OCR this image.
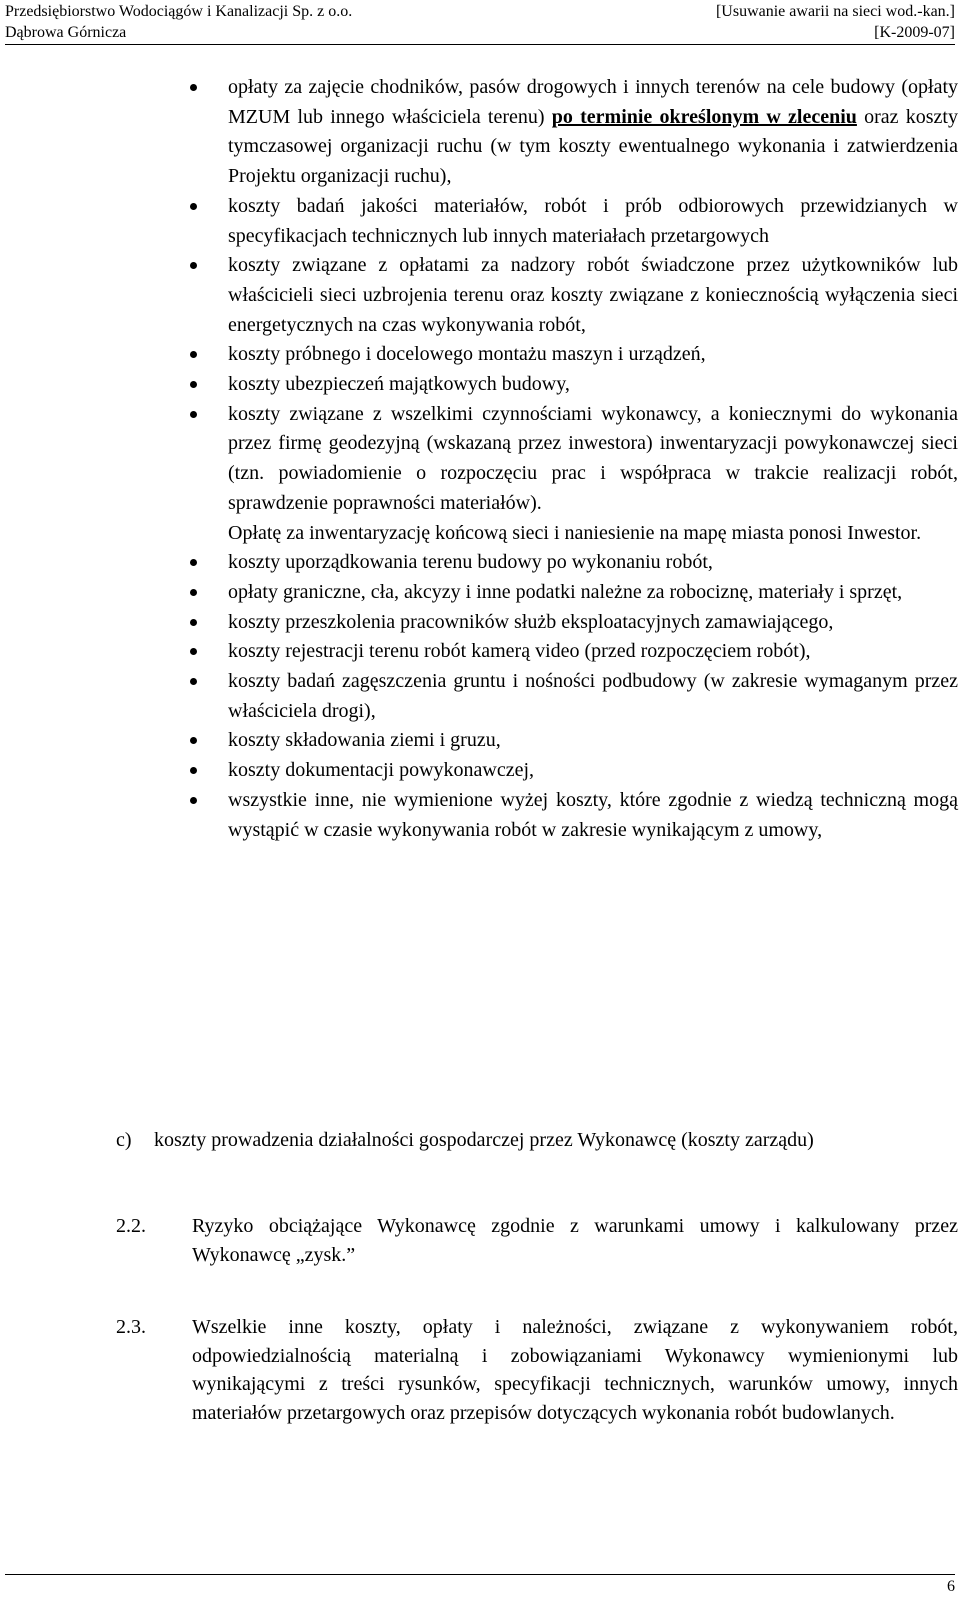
Przedsiębiorstwo Wodociągów i Kanalizacji Sp. z o.o.
Dąbrowa Górnicza
[Usuwanie awarii na sieci wod.-kan.]
[K-2009-07]
opłaty za zajęcie chodników, pasów drogowych i innych terenów na cele budowy (opłaty MZUM lub innego właściciela terenu) po terminie określonym w zleceniu oraz koszty tymczasowej organizacji ruchu (w tym koszty ewentualnego wykonania i zatwierdzenia Projektu organizacji ruchu),
koszty badań jakości materiałów, robót i prób odbiorowych przewidzianych w specyfikacjach technicznych lub innych materiałach przetargowych
koszty związane z opłatami za nadzory robót świadczone przez użytkowników lub właścicieli sieci uzbrojenia terenu oraz koszty związane z koniecznością wyłączenia sieci energetycznych na czas wykonywania robót,
koszty próbnego i docelowego montażu maszyn i urządzeń,
koszty ubezpieczeń majątkowych budowy,
koszty związane z wszelkimi czynnościami wykonawcy, a koniecznymi do wykonania przez firmę geodezyjną (wskazaną przez inwestora) inwentaryzacji powykonawczej sieci (tzn. powiadomienie o rozpoczęciu prac i współpraca w trakcie realizacji robót, sprawdzenie poprawności materiałów).

Opłatę za inwentaryzację końcową sieci i naniesienie na mapę miasta ponosi Inwestor.

koszty uporządkowania terenu budowy po wykonaniu robót,
opłaty graniczne, cła, akcyzy i inne podatki należne za robociznę, materiały i sprzęt,
koszty przeszkolenia pracowników służb eksploatacyjnych zamawiającego,
koszty rejestracji terenu robót kamerą video (przed rozpoczęciem robót),
koszty badań zagęszczenia gruntu i nośności podbudowy (w zakresie wymaganym przez właściciela drogi),
koszty składowania ziemi i gruzu,
koszty dokumentacji powykonawczej,
wszystkie inne, nie wymienione wyżej koszty, które zgodnie z wiedzą techniczną mogą wystąpić w czasie wykonywania robót w zakresie wynikającym z umowy,
c) koszty prowadzenia działalności gospodarczej przez Wykonawcę (koszty zarządu)
2.2. Ryzyko obciążające Wykonawcę zgodnie z warunkami umowy i kalkulowany przez Wykonawcę „zysk.”
2.3. Wszelkie inne koszty, opłaty i należności, związane z wykonywaniem robót, odpowiedzialnością materialną i zobowiązaniami Wykonawcy wymienionymi lub wynikającymi z treści rysunków, specyfikacji technicznych, warunków umowy, innych materiałów przetargowych oraz przepisów dotyczących wykonania robót budowlanych.
6
